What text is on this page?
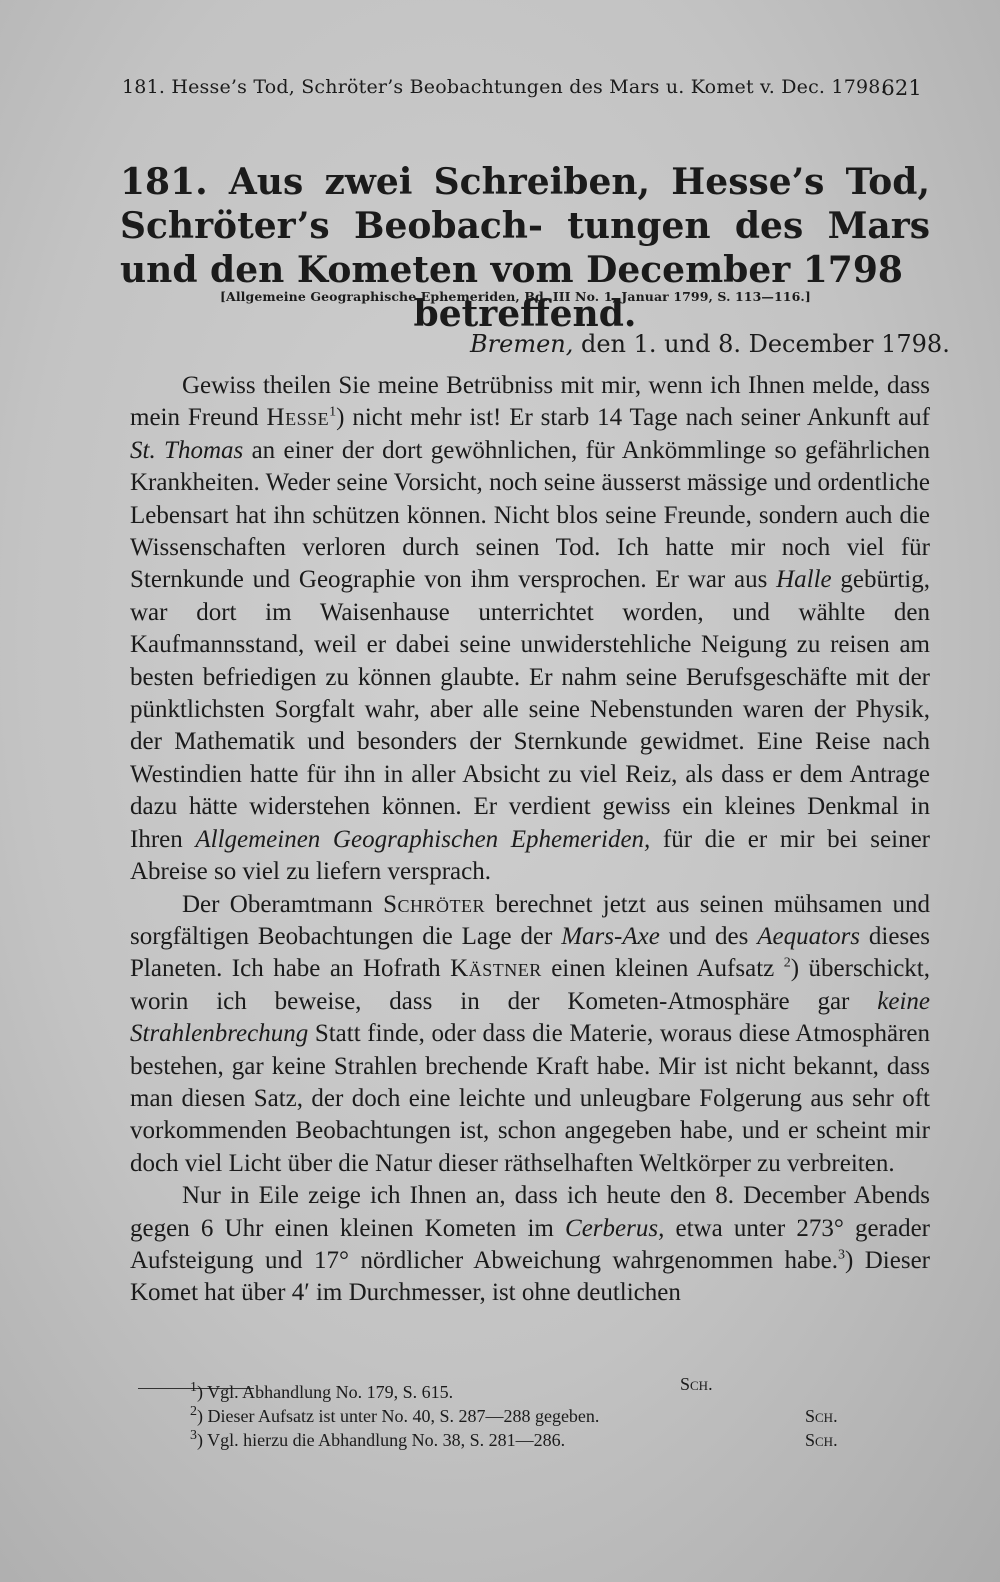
181. Hesse’s Tod, Schröter’s Beobachtungen des Mars u. Komet v. Dec. 1798.
621
181. Aus zwei Schreiben, Hesse’s Tod, Schröter’s Beobach- tungen des Mars und den Kometen vom December 1798
betreffend.
[Allgemeine Geographische Ephemeriden, Bd. III No. 1, Januar 1799, S. 113—116.]
Bremen, den 1. und 8. December 1798.

Gewiss theilen Sie meine Betrübniss mit mir, wenn ich Ihnen melde, dass mein Freund Hesse$^1$) nicht mehr ist! Er starb 14 Tage nach seiner Ankunft auf St. Thomas an einer der dort gewöhnlichen, für Ankömmlinge so gefährlichen Krankheiten. Weder seine Vorsicht, noch seine äusserst mässige und ordentliche Lebensart hat ihn schützen können. Nicht blos seine Freunde, sondern auch die Wissenschaften verloren durch seinen Tod. Ich hatte mir noch viel für Sternkunde und Geographie von ihm versprochen. Er war aus Halle gebürtig, war dort im Waisenhause unterrichtet worden, und wählte den Kaufmannsstand, weil er dabei seine unwiderstehliche Neigung zu reisen am besten befriedigen zu können glaubte. Er nahm seine Berufsgeschäfte mit der pünktlichsten Sorgfalt wahr, aber alle seine Nebenstunden waren der Physik, der Mathematik und besonders der Sternkunde gewidmet. Eine Reise nach Westindien hatte für ihn in aller Absicht zu viel Reiz, als dass er dem Antrage dazu hätte widerstehen können. Er verdient gewiss ein kleines Denkmal in Ihren Allgemeinen Geographischen Ephemeriden, für die er mir bei seiner Abreise so viel zu liefern versprach.

Der Oberamtmann Schröter berechnet jetzt aus seinen mühsamen und sorgfältigen Beobachtungen die Lage der Mars-Axe und des Aequators dieses Planeten. Ich habe an Hofrath Kästner einen kleinen Aufsatz $^2$) überschickt, worin ich beweise, dass in der Kometen-Atmosphäre gar keine Strahlenbrechung Statt finde, oder dass die Materie, woraus diese Atmosphären bestehen, gar keine Strahlen brechende Kraft habe. Mir ist nicht bekannt, dass man diesen Satz, der doch eine leichte und unleugbare Folgerung aus sehr oft vorkommenden Beobachtungen ist, schon angegeben habe, und er scheint mir doch viel Licht über die Natur dieser räthselhaften Weltkörper zu verbreiten.

Nur in Eile zeige ich Ihnen an, dass ich heute den 8. December Abends gegen 6 Uhr einen kleinen Kometen im Cerberus, etwa unter 273° gerader Aufsteigung und 17° nördlicher Abweichung wahrgenommen habe.$^3$) Dieser Komet hat über 4′ im Durchmesser, ist ohne deutlichen

$^1$) Vgl. Abhandlung No. 179, S. 615.	Sch.
$^2$) Dieser Aufsatz ist unter No. 40, S. 287—288 gegeben.	Sch.
$^3$) Vgl. hierzu die Abhandlung No. 38, S. 281—286.	Sch.
